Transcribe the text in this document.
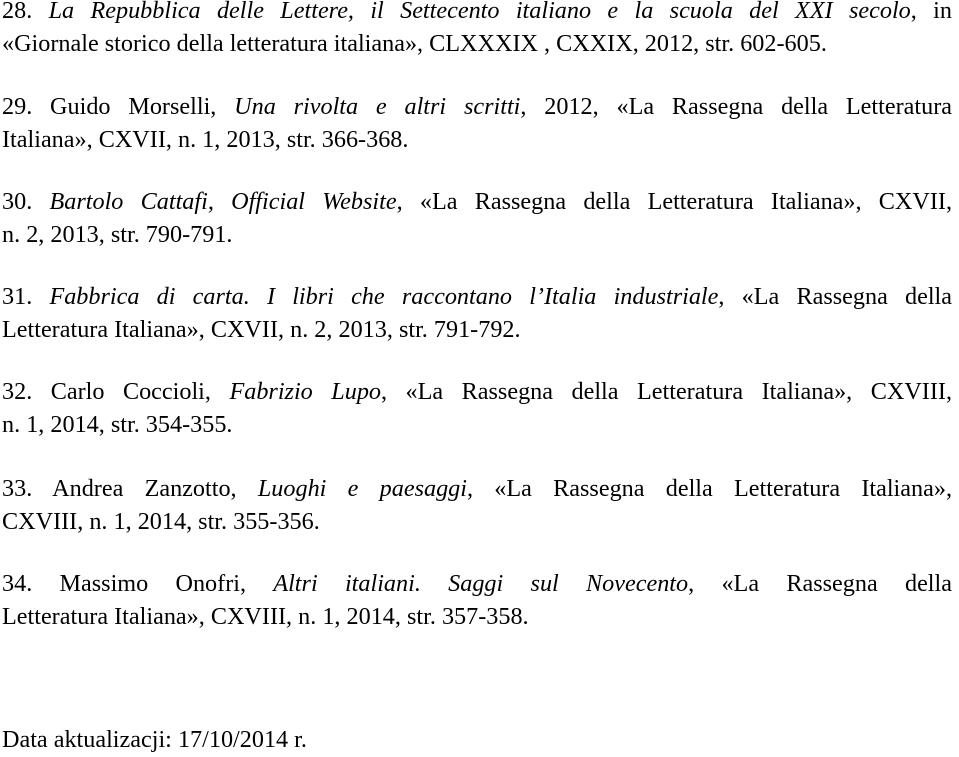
28. La Repubblica delle Lettere, il Settecento italiano e la scuola del XXI secolo, in
«Giornale storico della letteratura italiana», CLXXXIX , CXXIX, 2012, str. 602-605.
29. Guido Morselli, Una rivolta e altri scritti, 2012, «La Rassegna della Letteratura
Italiana», CXVII, n. 1, 2013, str. 366-368.
30. Bartolo Cattafi, Official Website, «La Rassegna della Letteratura Italiana», CXVII,
n. 2, 2013, str. 790-791.
31. Fabbrica di carta. I libri che raccontano l’Italia industriale, «La Rassegna della
Letteratura Italiana», CXVII, n. 2, 2013, str. 791-792.
32. Carlo Coccioli, Fabrizio Lupo, «La Rassegna della Letteratura Italiana», CXVIII,
n. 1, 2014, str. 354-355.
33. Andrea Zanzotto, Luoghi e paesaggi, «La Rassegna della Letteratura Italiana»,
CXVIII, n. 1, 2014, str. 355-356.
34. Massimo Onofri, Altri italiani. Saggi sul Novecento, «La Rassegna della
Letteratura Italiana», CXVIII, n. 1, 2014, str. 357-358.
Data aktualizacji: 17/10/2014 r.
